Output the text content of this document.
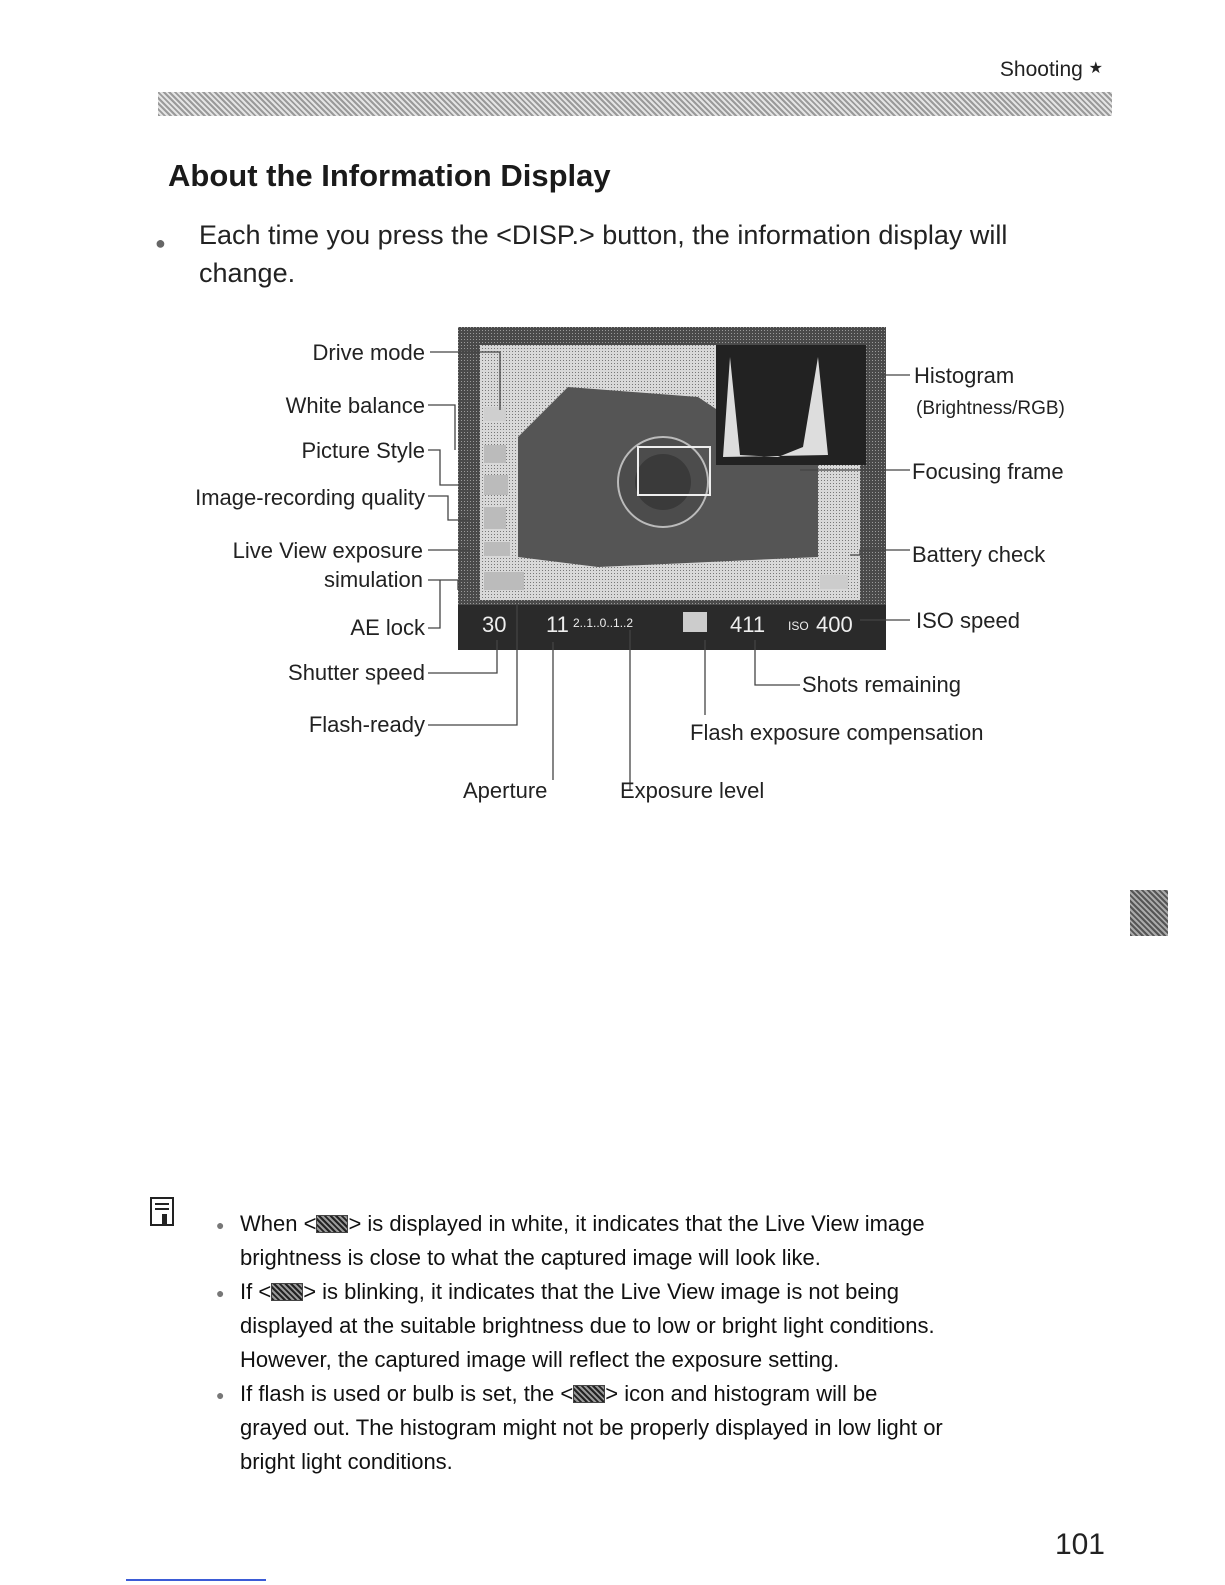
Shooting ★
About the Information Display
● Each time you press the <DISP.> button, the information display will change.
30 11 2..1..0..1..2	411 ISO 400
Drive mode
White balance
Picture Style
Image-recording quality
Live View exposure
simulation
AE lock
Shutter speed
Flash-ready
Aperture	Exposure level
Histogram
(Brightness/RGB)
Focusing frame
Battery check
ISO speed
Shots remaining
Flash exposure compensation
● When < > is displayed in white, it indicates that the Live View image
brightness is close to what the captured image will look like.
● If < > is blinking, it indicates that the Live View image is not being
displayed at the suitable brightness due to low or bright light conditions.
However, the captured image will reflect the exposure setting.
● If flash is used or bulb is set, the < > icon and histogram will be
grayed out. The histogram might not be properly displayed in low light or
bright light conditions.
101
